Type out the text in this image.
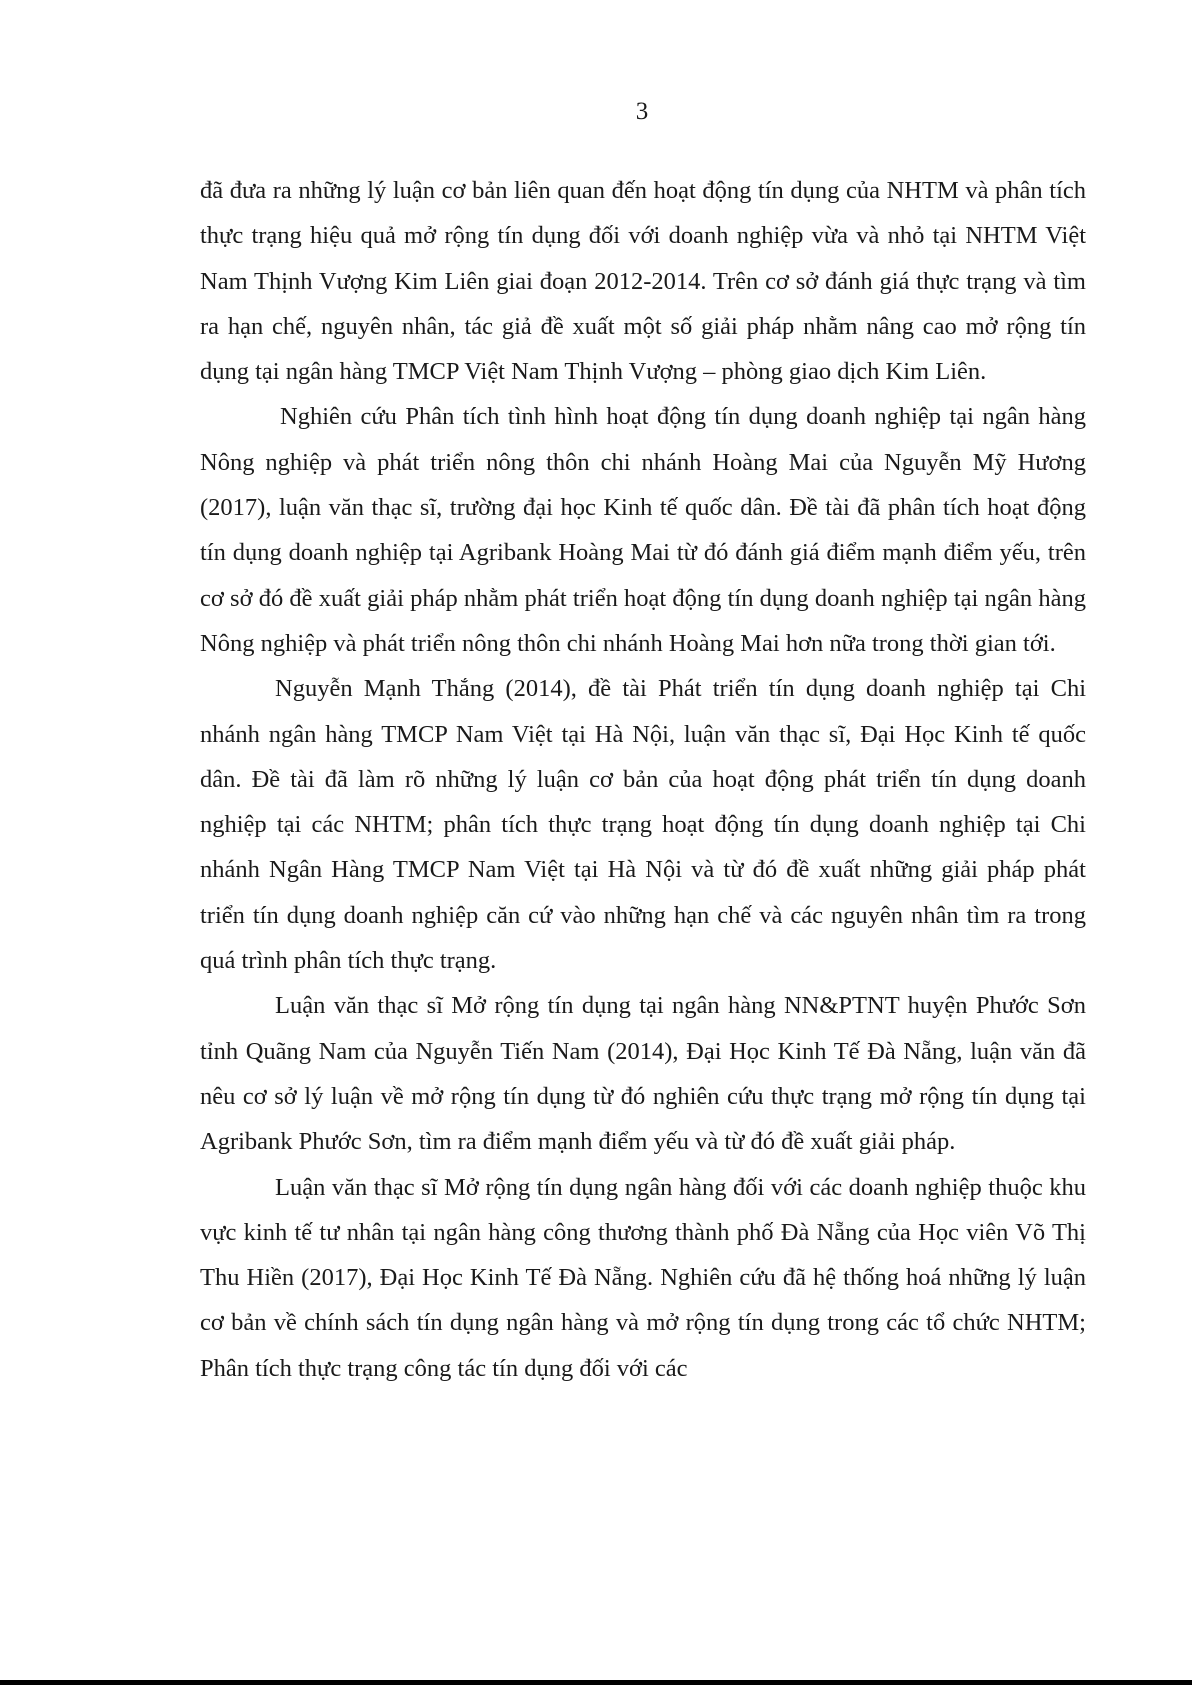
3

đã đưa ra những lý luận cơ bản liên quan đến hoạt động tín dụng của NHTM và phân tích thực trạng hiệu quả mở rộng tín dụng đối với doanh nghiệp vừa và nhỏ tại NHTM Việt Nam Thịnh Vượng Kim Liên giai đoạn 2012-2014. Trên cơ sở đánh giá thực trạng và tìm ra hạn chế, nguyên nhân, tác giả đề xuất một số giải pháp nhằm nâng cao mở rộng tín dụng tại ngân hàng TMCP Việt Nam Thịnh Vượng – phòng giao dịch Kim Liên.

Nghiên cứu Phân tích tình hình hoạt động tín dụng doanh nghiệp tại ngân hàng Nông nghiệp và phát triển nông thôn chi nhánh Hoàng Mai của Nguyễn Mỹ Hương (2017), luận văn thạc sĩ, trường đại học Kinh tế quốc dân. Đề tài đã phân tích hoạt động tín dụng doanh nghiệp tại Agribank Hoàng Mai từ đó đánh giá điểm mạnh điểm yếu, trên cơ sở đó đề xuất giải pháp nhằm phát triển hoạt động tín dụng doanh nghiệp tại ngân hàng Nông nghiệp và phát triển nông thôn chi nhánh Hoàng Mai hơn nữa trong thời gian tới.

Nguyễn Mạnh Thắng (2014), đề tài Phát triển tín dụng doanh nghiệp tại Chi nhánh ngân hàng TMCP Nam Việt tại Hà Nội, luận văn thạc sĩ, Đại Học Kinh tế quốc dân. Đề tài đã làm rõ những lý luận cơ bản của hoạt động phát triển tín dụng doanh nghiệp tại các NHTM; phân tích thực trạng hoạt động tín dụng doanh nghiệp tại Chi nhánh Ngân Hàng TMCP Nam Việt tại Hà Nội và từ đó đề xuất những giải pháp phát triển tín dụng doanh nghiệp căn cứ vào những hạn chế và các nguyên nhân tìm ra trong quá trình phân tích thực trạng.

Luận văn thạc sĩ Mở rộng tín dụng tại ngân hàng NN&PTNT huyện Phước Sơn tỉnh Quãng Nam của Nguyễn Tiến Nam (2014), Đại Học Kinh Tế Đà Nẵng, luận văn đã nêu cơ sở lý luận về mở rộng tín dụng từ đó nghiên cứu thực trạng mở rộng tín dụng tại Agribank Phước Sơn, tìm ra điểm mạnh điểm yếu và từ đó đề xuất giải pháp.

Luận văn thạc sĩ Mở rộng tín dụng ngân hàng đối với các doanh nghiệp thuộc khu vực kinh tế tư nhân tại ngân hàng công thương thành phố Đà Nẵng của Học viên Võ Thị Thu Hiền (2017), Đại Học Kinh Tế Đà Nẵng. Nghiên cứu đã hệ thống hoá những lý luận cơ bản về chính sách tín dụng ngân hàng và mở rộng tín dụng trong các tổ chức NHTM; Phân tích thực trạng công tác tín dụng đối với các
